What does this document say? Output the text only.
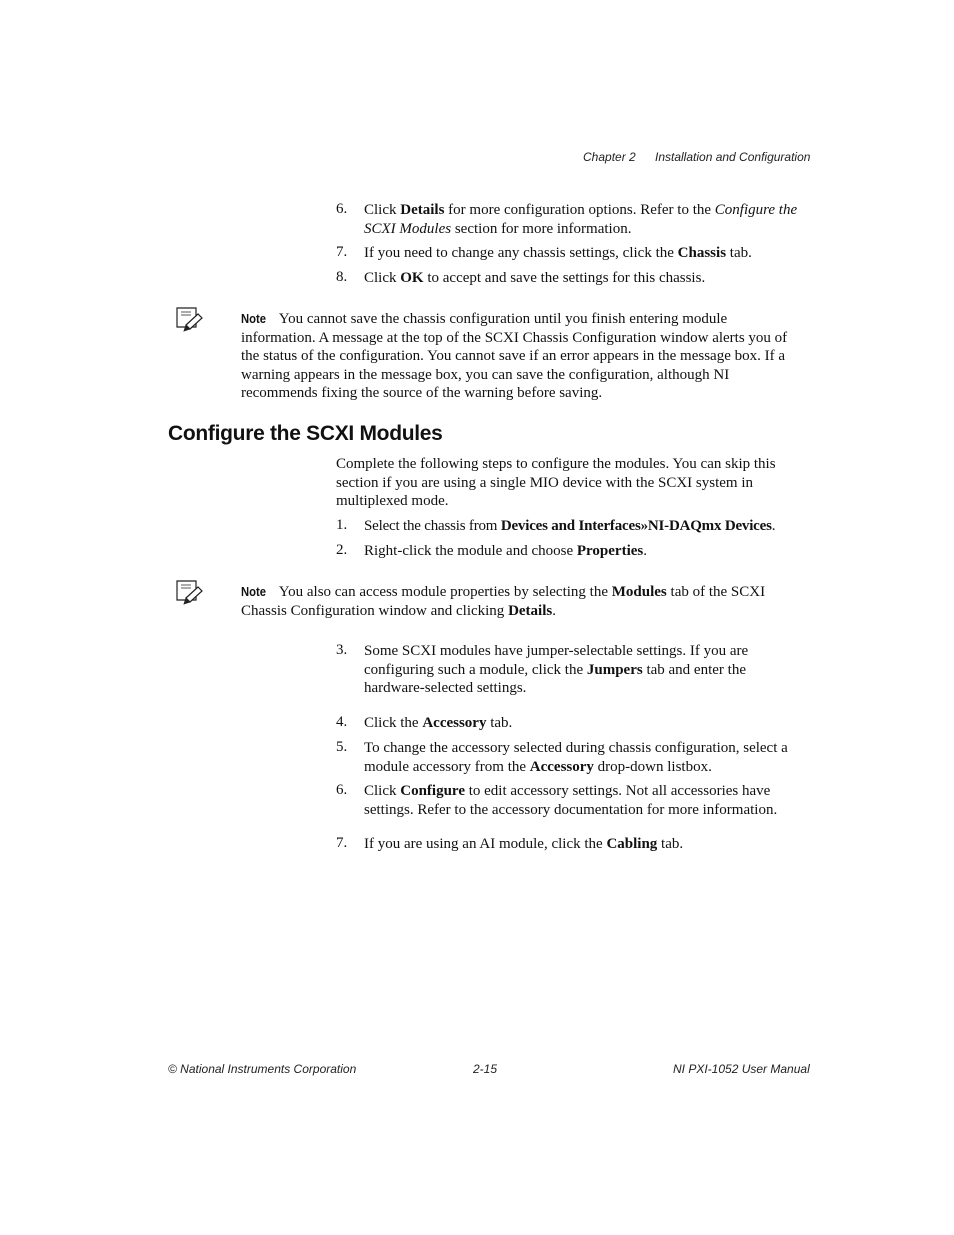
Chapter 2 Installation and Configuration
6.	Click Details for more configuration options. Refer to the Configure the SCXI Modules section for more information.
7.	If you need to change any chassis settings, click the Chassis tab.
8.	Click OK to accept and save the settings for this chassis.
Note You cannot save the chassis configuration until you finish entering module information. A message at the top of the SCXI Chassis Configuration window alerts you of the status of the configuration. You cannot save if an error appears in the message box. If a warning appears in the message box, you can save the configuration, although NI recommends fixing the source of the warning before saving.
Configure the SCXI Modules
Complete the following steps to configure the modules. You can skip this section if you are using a single MIO device with the SCXI system in multiplexed mode.
1.	Select the chassis from Devices and Interfaces»NI-DAQmx Devices.
2.	Right-click the module and choose Properties.
Note You also can access module properties by selecting the Modules tab of the SCXI Chassis Configuration window and clicking Details.
3.	Some SCXI modules have jumper-selectable settings. If you are configuring such a module, click the Jumpers tab and enter the hardware-selected settings.
4.	Click the Accessory tab.
5.	To change the accessory selected during chassis configuration, select a module accessory from the Accessory drop-down listbox.
6.	Click Configure to edit accessory settings. Not all accessories have settings. Refer to the accessory documentation for more information.
7.	If you are using an AI module, click the Cabling tab.
© National Instruments Corporation	2-15	NI PXI-1052 User Manual
